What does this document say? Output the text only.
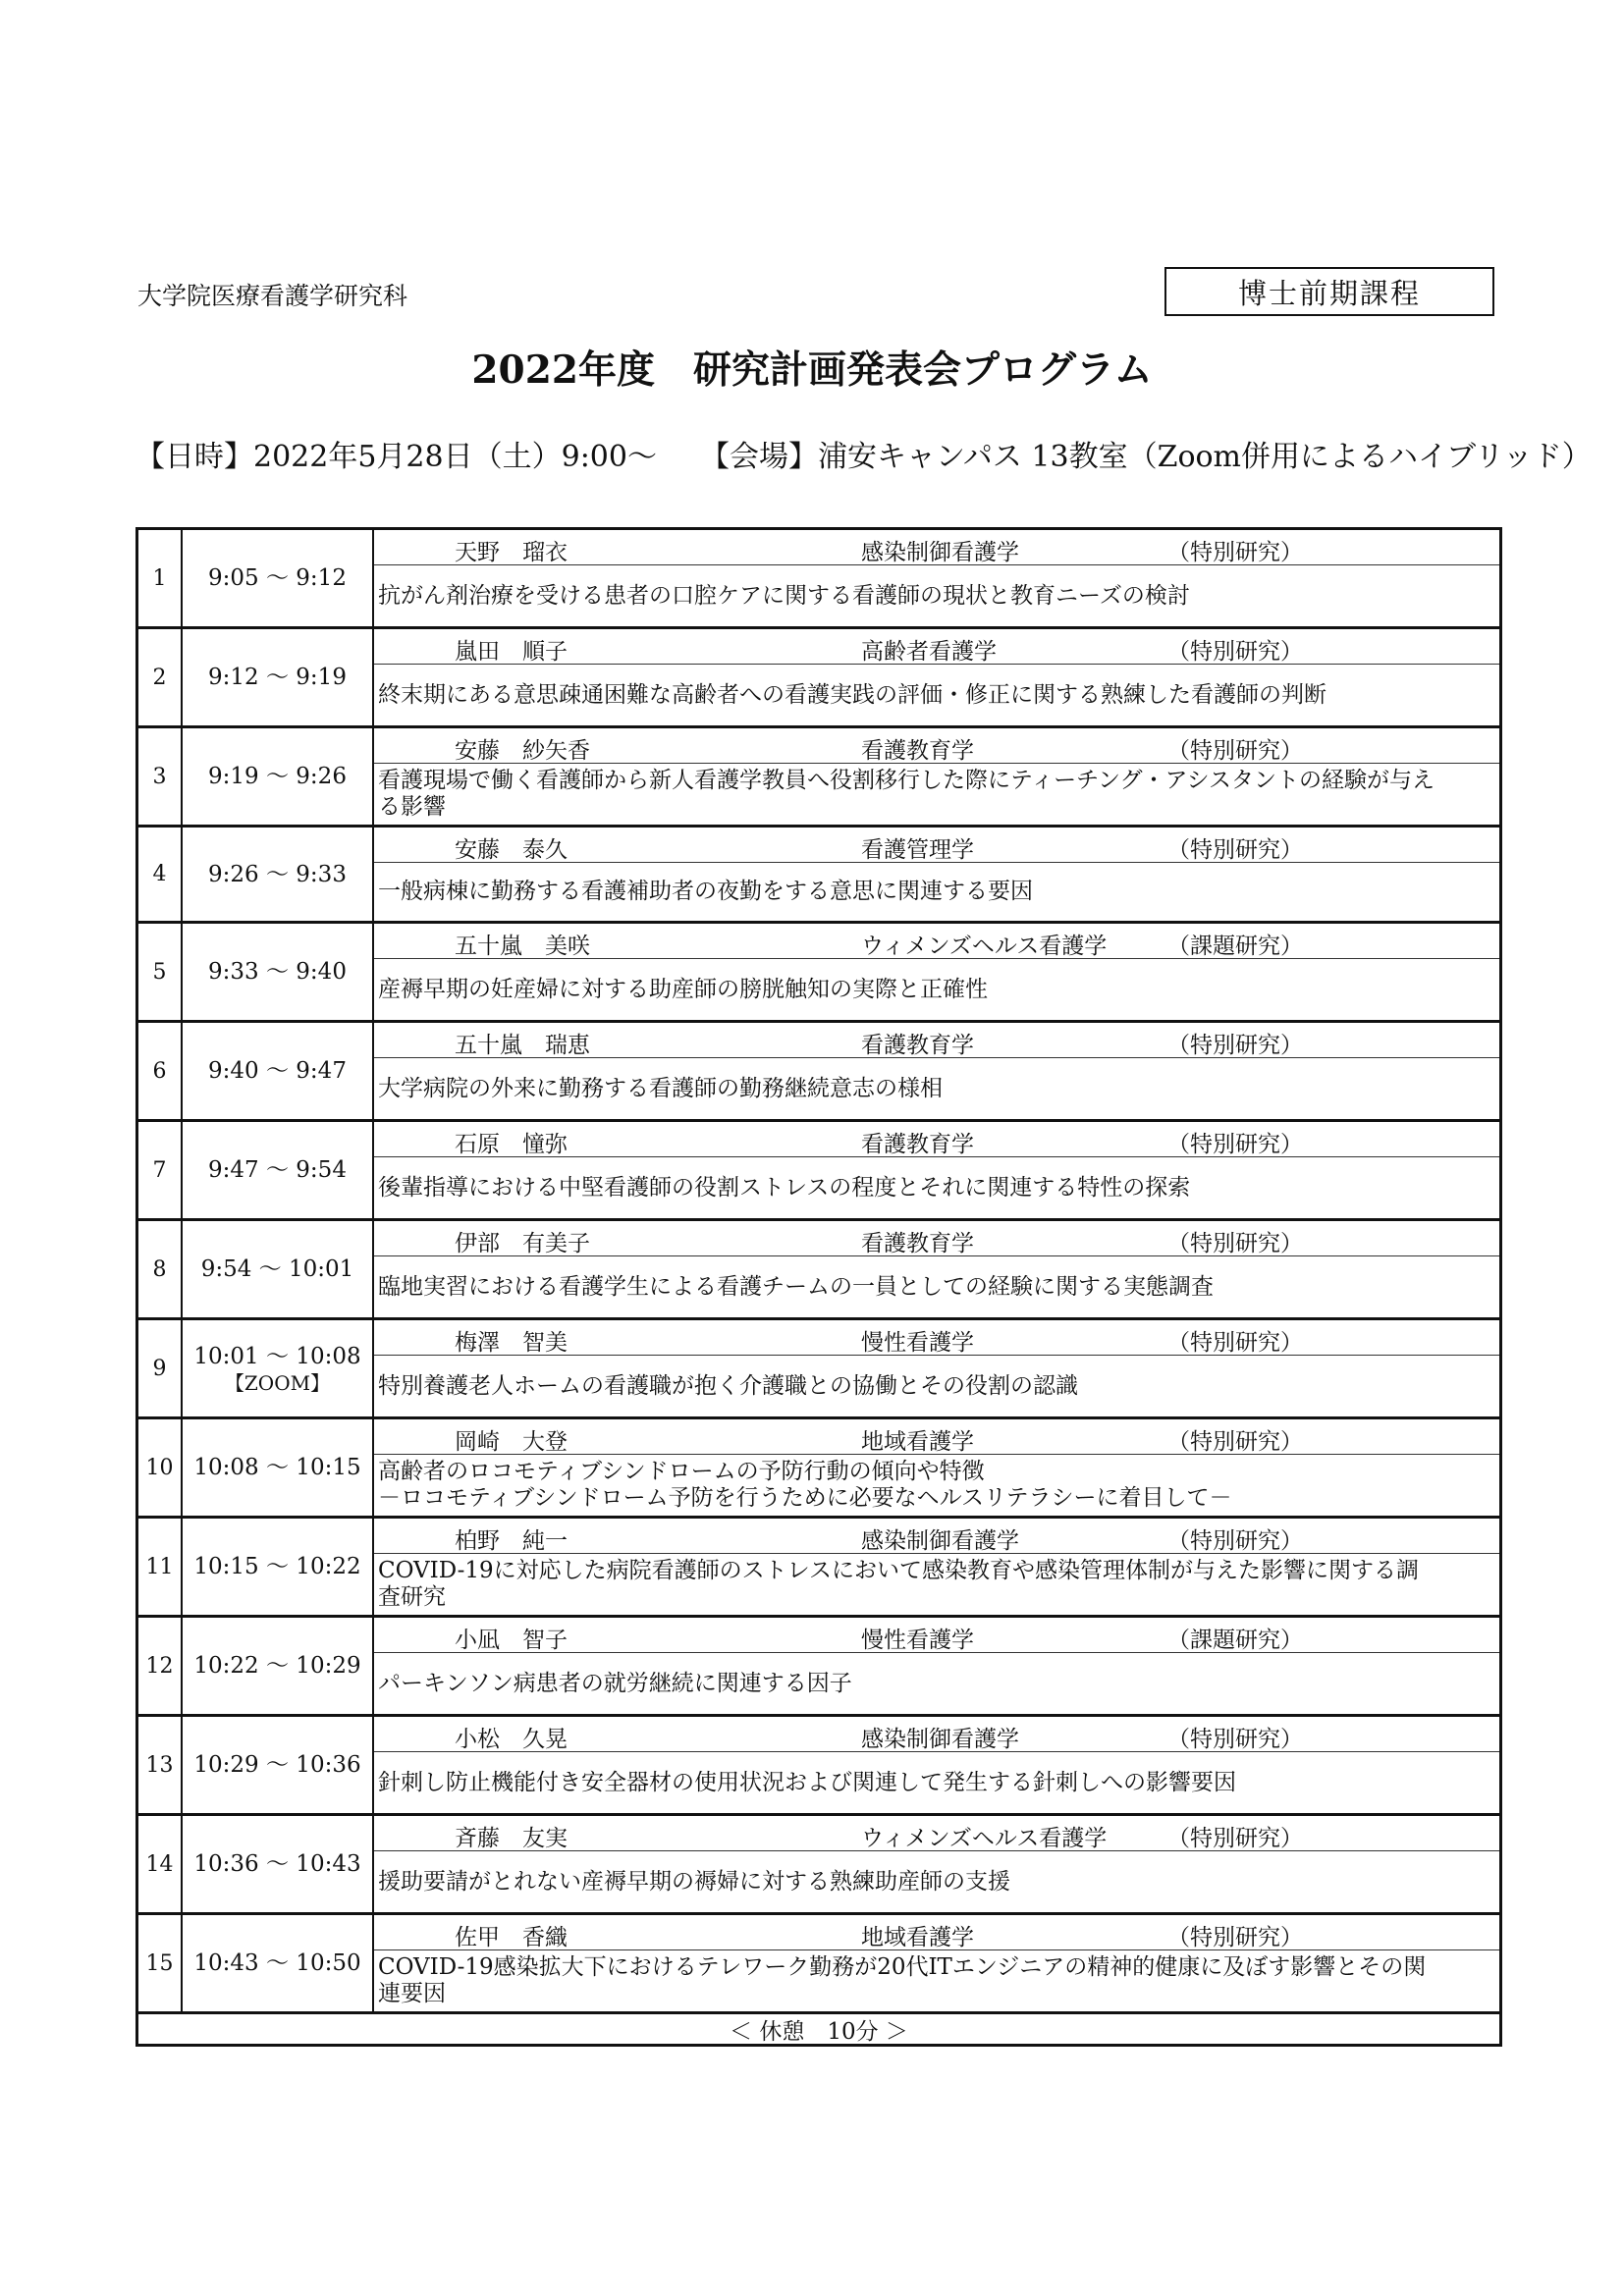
大学院医療看護学研究科	博士前期課程
2022年度　研究計画発表会プログラム
【日時】2022年5月28日（土）9:00～ 【会場】浦安キャンパス 13教室（Zoom併用によるハイブリッド）
1	9:05 ～ 9:12
天野　瑠衣	感染制御看護学	（特別研究）
抗がん剤治療を受ける患者の口腔ケアに関する看護師の現状と教育ニーズの検討
2	9:12 ～ 9:19
嵐田　順子	高齢者看護学	（特別研究）
終末期にある意思疎通困難な高齢者への看護実践の評価・修正に関する熟練した看護師の判断
3	9:19 ～ 9:26
安藤　紗矢香	看護教育学	（特別研究）
看護現場で働く看護師から新人看護学教員へ役割移行した際にティーチング・アシスタントの経験が与え
る影響
4	9:26 ～ 9:33
安藤　泰久	看護管理学	（特別研究）
一般病棟に勤務する看護補助者の夜勤をする意思に関連する要因
5	9:33 ～ 9:40
五十嵐　美咲	ウィメンズヘルス看護学	（課題研究）
産褥早期の妊産婦に対する助産師の膀胱触知の実際と正確性
6	9:40 ～ 9:47
五十嵐　瑞恵	看護教育学	（特別研究）
大学病院の外来に勤務する看護師の勤務継続意志の様相
7	9:47 ～ 9:54
石原　憧弥	看護教育学	（特別研究）
後輩指導における中堅看護師の役割ストレスの程度とそれに関連する特性の探索
8	9:54 ～ 10:01
伊部　有美子	看護教育学	（特別研究）
臨地実習における看護学生による看護チームの一員としての経験に関する実態調査
9	10:01 ～ 10:08
【ZOOM】
梅澤　智美	慢性看護学	（特別研究）
特別養護老人ホームの看護職が抱く介護職との協働とその役割の認識
10 10:08 ～ 10:15
岡崎　大登	地域看護学	（特別研究）
高齢者のロコモティブシンドロームの予防行動の傾向や特徴
－ロコモティブシンドローム予防を行うために必要なヘルスリテラシーに着目して－
11 10:15 ～ 10:22
柏野　純一	感染制御看護学	（特別研究）
COVID-19に対応した病院看護師のストレスにおいて感染教育や感染管理体制が与えた影響に関する調
査研究
12 10:22 ～ 10:29
小凪　智子	慢性看護学	（課題研究）
パーキンソン病患者の就労継続に関連する因子
13 10:29 ～ 10:36
小松　久晃	感染制御看護学	（特別研究）
針刺し防止機能付き安全器材の使用状況および関連して発生する針刺しへの影響要因
14 10:36 ～ 10:43
斉藤　友実	ウィメンズヘルス看護学	（特別研究）
援助要請がとれない産褥早期の褥婦に対する熟練助産師の支援
15 10:43 ～ 10:50
佐甲　香織	地域看護学	（特別研究）
COVID-19感染拡大下におけるテレワーク勤務が20代ITエンジニアの精神的健康に及ぼす影響とその関
連要因
＜ 休憩　10分 ＞
